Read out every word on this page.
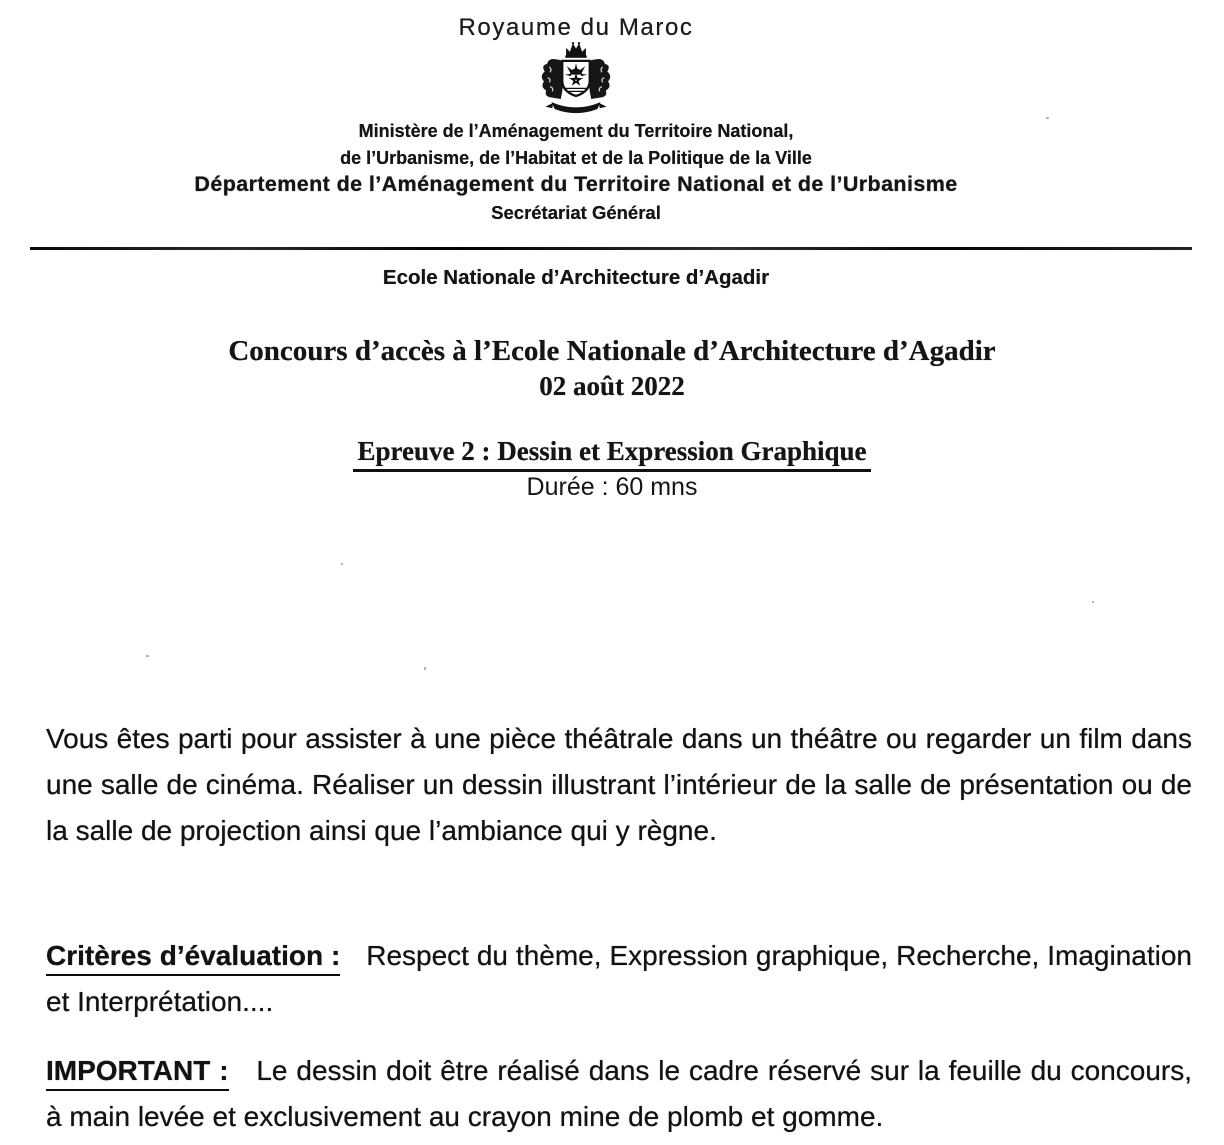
Royaume du Maroc
Ministère de l’Aménagement du Territoire National,
de l’Urbanisme, de l’Habitat et de la Politique de la Ville
Département de l’Aménagement du Territoire National et de l’Urbanisme
Secrétariat Général
Ecole Nationale d’Architecture d’Agadir
Concours d’accès à l’Ecole Nationale d’Architecture d’Agadir
02 août 2022
Epreuve 2 : Dessin et Expression Graphique
Durée : 60 mns

Vous êtes parti pour assister à une pièce théâtrale dans un théâtre ou regarder un film dans une salle de cinéma. Réaliser un dessin illustrant l’intérieur de la salle de présentation ou de la salle de projection ainsi que l’ambiance qui y règne.

Critères d’évaluation : Respect du thème, Expression graphique, Recherche, Imagination et Interprétation....

IMPORTANT : Le dessin doit être réalisé dans le cadre réservé sur la feuille du concours, à main levée et exclusivement au crayon mine de plomb et gomme.
